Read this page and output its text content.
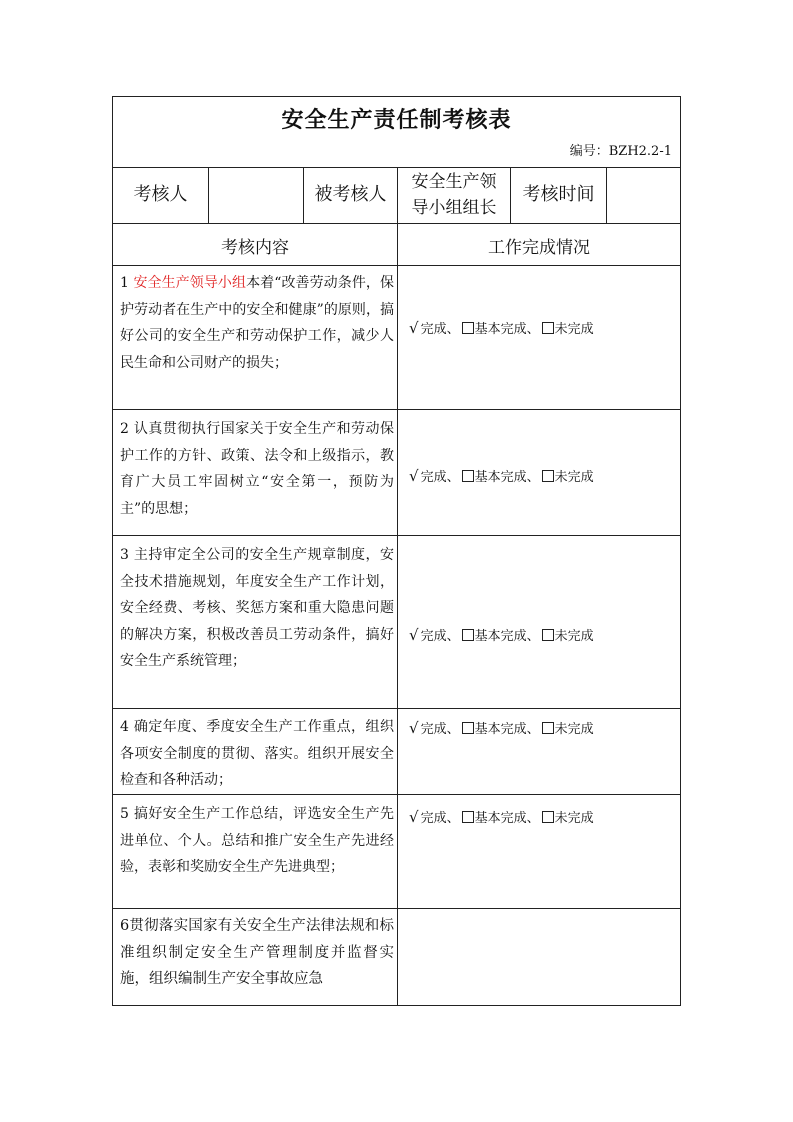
安全生产责任制考核表
编号：BZH2.2-1
考核人	被考核人
安全生产领导小组组长
考核时间
考核内容	工作完成情况
1 安全生产领导小组本着“改善劳动条件，保护劳动者在生产中的安全和健康”的原则，搞好公司的安全生产和劳动保护工作，减少人民生命和公司财产的损失；
2 认真贯彻执行国家关于安全生产和劳动保护工作的方针、政策、法令和上级指示，教育广大员工牢固树立“安全第一，预防为主”的思想；
3 主持审定全公司的安全生产规章制度，安全技术措施规划，年度安全生产工作计划，安全经费、考核、奖惩方案和重大隐患问题的解决方案，积极改善员工劳动条件，搞好安全生产系统管理；
4 确定年度、季度安全生产工作重点，组织各项安全制度的贯彻、落实。组织开展安全检查和各种活动；
5 搞好安全生产工作总结，评选安全生产先进单位、个人。总结和推广安全生产先进经验，表彰和奖励安全生产先进典型；
6贯彻落实国家有关安全生产法律法规和标准组织制定安全生产管理制度并监督实施，组织编制生产安全事故应急
√ 完成、 基本完成、 未完成
√ 完成、 基本完成、 未完成
√ 完成、 基本完成、 未完成
√ 完成、 基本完成、 未完成
√ 完成、 基本完成、 未完成
